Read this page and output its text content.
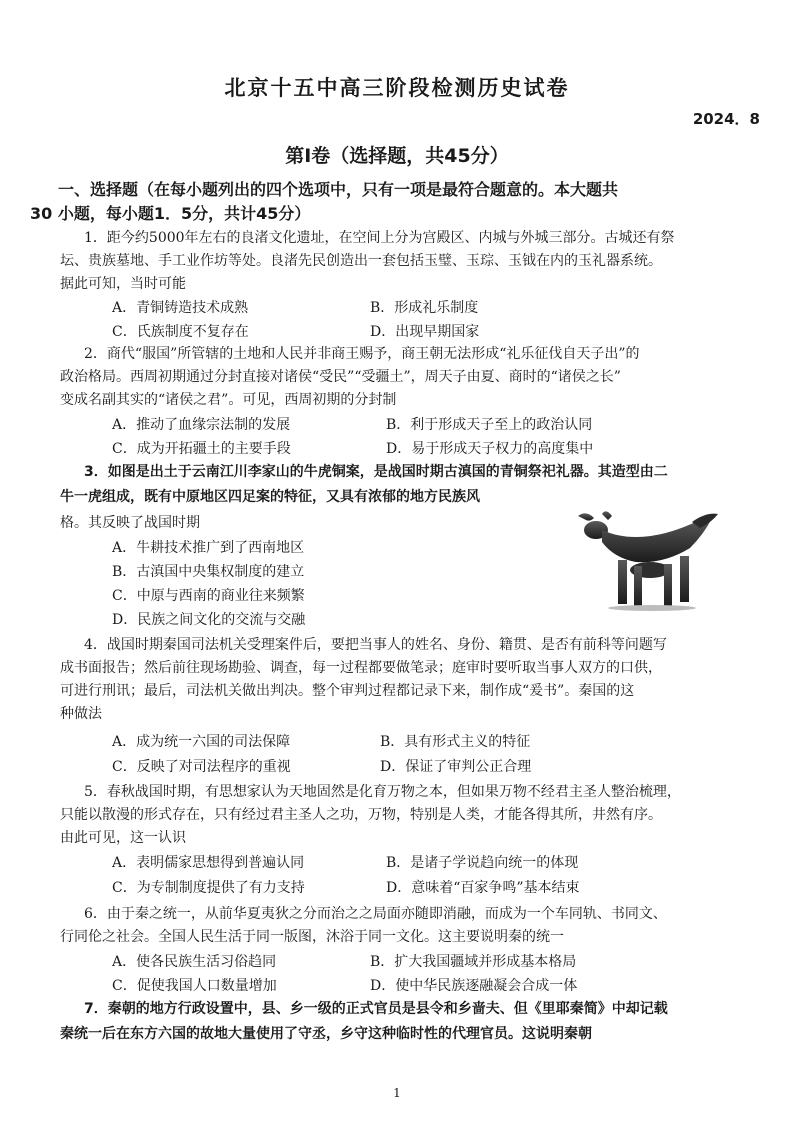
北京十五中高三阶段检测历史试卷
2024．8
第Ⅰ卷（选择题，共45分）
一、选择题（在每小题列出的四个选项中，只有一项是最符合题意的。本大题共
30 小题，每小题1．5分，共计45分）
1．距今约5000年左右的良渚文化遗址，在空间上分为宫殿区、内城与外城三部分。古城还有祭
坛、贵族墓地、手工业作坊等处。良渚先民创造出一套包括玉璧、玉琮、玉钺在内的玉礼器系统。
据此可知，当时可能
A．青铜铸造技术成熟	B．形成礼乐制度
C．氏族制度不复存在	D．出现早期国家
2．商代“服国”所管辖的土地和人民并非商王赐予，商王朝无法形成“礼乐征伐自天子出”的
政治格局。西周初期通过分封直接对诸侯“受民”“受疆土”，周天子由夏、商时的“诸侯之长”
变成名副其实的“诸侯之君”。可见，西周初期的分封制
A．推动了血缘宗法制的发展	B．利于形成天子至上的政治认同
C．成为开拓疆土的主要手段	D．易于形成天子权力的高度集中
3．如图是出土于云南江川李家山的牛虎铜案，是战国时期古滇国的青铜祭祀礼器。其造型由二
牛一虎组成，既有中原地区四足案的特征，又具有浓郁的地方民族风
格。其反映了战国时期
A．牛耕技术推广到了西南地区
B．古滇国中央集权制度的建立
C．中原与西南的商业往来频繁
D．民族之间文化的交流与交融
4．战国时期秦国司法机关受理案件后，要把当事人的姓名、身份、籍贯、是否有前科等问题写
成书面报告；然后前往现场勘验、调查，每一过程都要做笔录；庭审时要听取当事人双方的口供，
可进行刑讯；最后，司法机关做出判决。整个审判过程都记录下来，制作成“爰书”。秦国的这
种做法
A．成为统一六国的司法保障	B．具有形式主义的特征
C．反映了对司法程序的重视	D．保证了审判公正合理
5．春秋战国时期，有思想家认为天地固然是化育万物之本，但如果万物不经君主圣人整治梳理，
只能以散漫的形式存在，只有经过君主圣人之功，万物，特别是人类，才能各得其所，井然有序。
由此可见，这一认识
A．表明儒家思想得到普遍认同	B．是诸子学说趋向统一的体现
C．为专制制度提供了有力支持	D．意味着“百家争鸣”基本结束
6．由于秦之统一，从前华夏夷狄之分而治之之局面亦随即消融，而成为一个车同轨、书同文、
行同伦之社会。全国人民生活于同一版图，沐浴于同一文化。这主要说明秦的统一
A．使各民族生活习俗趋同	B．扩大我国疆域并形成基本格局
C．促使我国人口数量增加	D．使中华民族逐融凝会合成一体
7．秦朝的地方行政设置中，县、乡一级的正式官员是县令和乡啬夫、但《里耶秦简》中却记载
秦统一后在东方六国的故地大量使用了守丞，乡守这种临时性的代理官员。这说明秦朝
1
